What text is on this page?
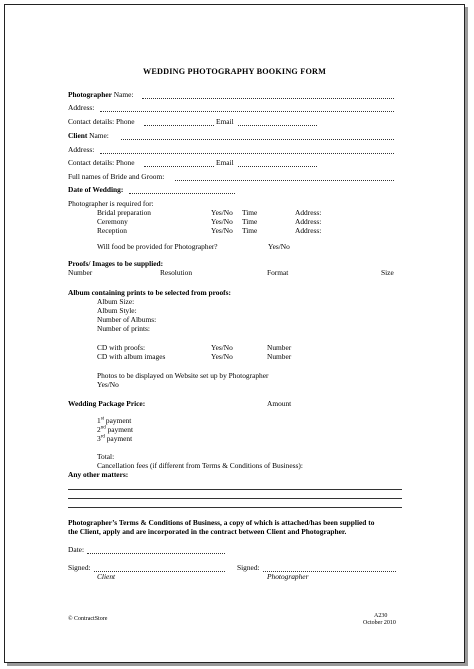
WEDDING PHOTOGRAPHY BOOKING FORM
Photographer Name:
Address:
Contact details: Phone	Email
Client Name:
Address:
Contact details: Phone	Email
Full names of Bride and Groom:
Date of Wedding:
Photographer is required for:
Bridal preparation	Yes/No Time	Address:
Ceremony	Yes/No Time	Address:
Reception	Yes/No Time	Address:
Will food be provided for Photographer?	Yes/No
Proofs/ Images to be supplied:
Number	Resolution	Format	Size
Album containing prints to be selected from proofs:
Album Size:
Album Style:
Number of Albums:
Number of prints:
CD with proofs:	Yes/No	Number
CD with album images	Yes/No	Number
Photos to be displayed on Website set up by Photographer
Yes/No
Wedding Package Price:	Amount
1st payment
2nd payment
3rd payment
Total:
Cancellation fees (if different from Terms & Conditions of Business):
Any other matters:
Photographer’s Terms & Conditions of Business, a copy of which is attached/has been supplied to
the Client, apply and are incorporated in the contract between Client and Photographer.
Date:
Signed:
Client
Signed:
Photographer
© ContractStore	A230
October 2010
